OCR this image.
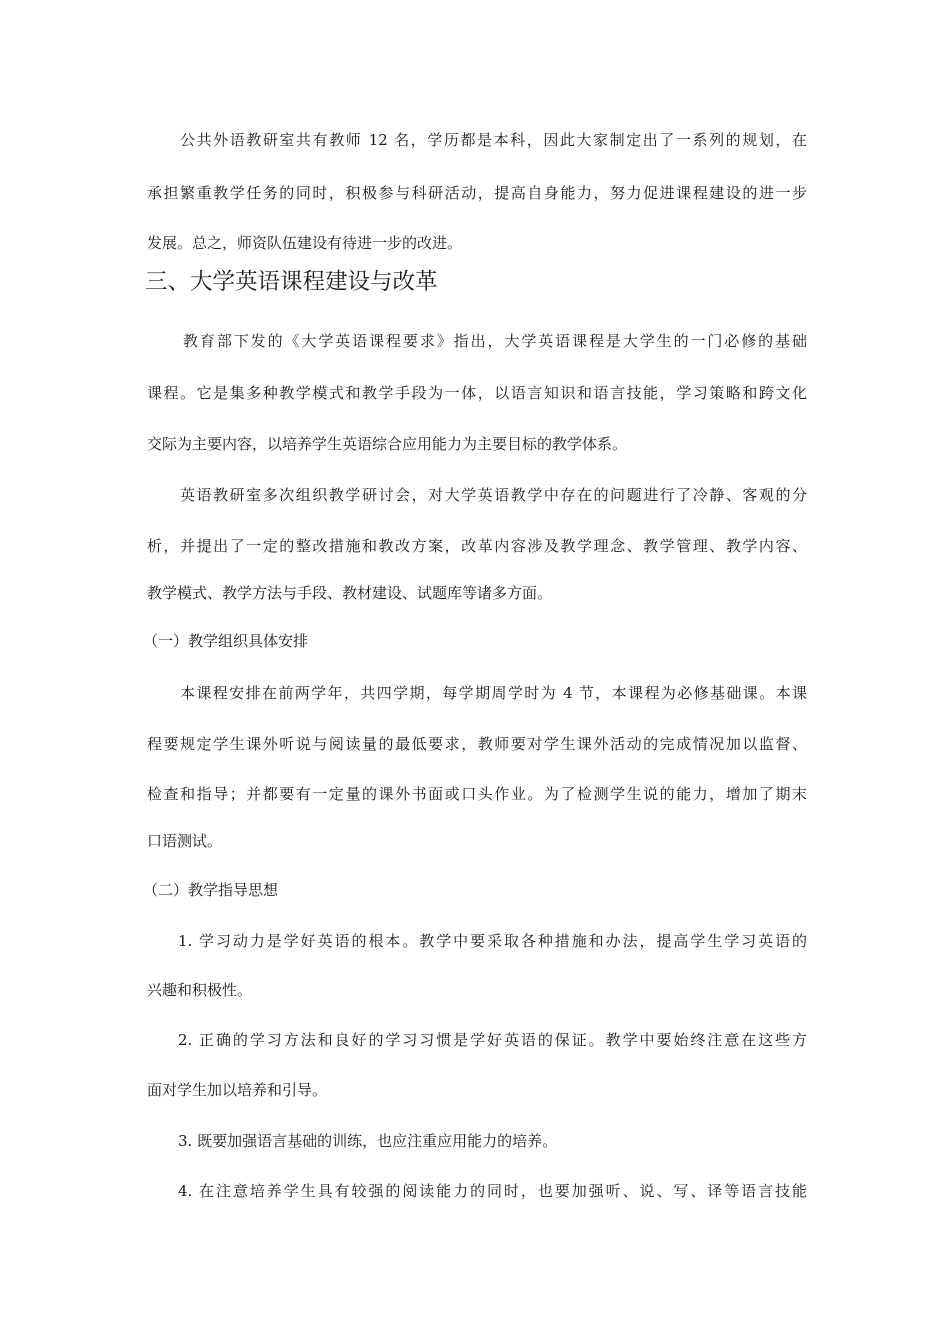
公共外语教研室共有教师 12 名，学历都是本科，因此大家制定出了一系列的规划，在
承担繁重教学任务的同时，积极参与科研活动，提高自身能力，努力促进课程建设的进一步
发展。总之，师资队伍建设有待进一步的改进。
三、大学英语课程建设与改革
教育部下发的《大学英语课程要求》指出，大学英语课程是大学生的一门必修的基础
课程。它是集多种教学模式和教学手段为一体，以语言知识和语言技能，学习策略和跨文化
交际为主要内容，以培养学生英语综合应用能力为主要目标的教学体系。
英语教研室多次组织教学研讨会，对大学英语教学中存在的问题进行了冷静、客观的分
析，并提出了一定的整改措施和教改方案，改革内容涉及教学理念、教学管理、教学内容、
教学模式、教学方法与手段、教材建设、试题库等诸多方面。
（一）教学组织具体安排
本课程安排在前两学年，共四学期，每学期周学时为 4 节，本课程为必修基础课。本课
程要规定学生课外听说与阅读量的最低要求，教师要对学生课外活动的完成情况加以监督、
检查和指导；并都要有一定量的课外书面或口头作业。为了检测学生说的能力，增加了期末
口语测试。
（二）教学指导思想
1. 学习动力是学好英语的根本。教学中要采取各种措施和办法，提高学生学习英语的
兴趣和积极性。
2. 正确的学习方法和良好的学习习惯是学好英语的保证。教学中要始终注意在这些方
面对学生加以培养和引导。
3. 既要加强语言基础的训练，也应注重应用能力的培养。
4. 在注意培养学生具有较强的阅读能力的同时，也要加强听、说、写、译等语言技能
